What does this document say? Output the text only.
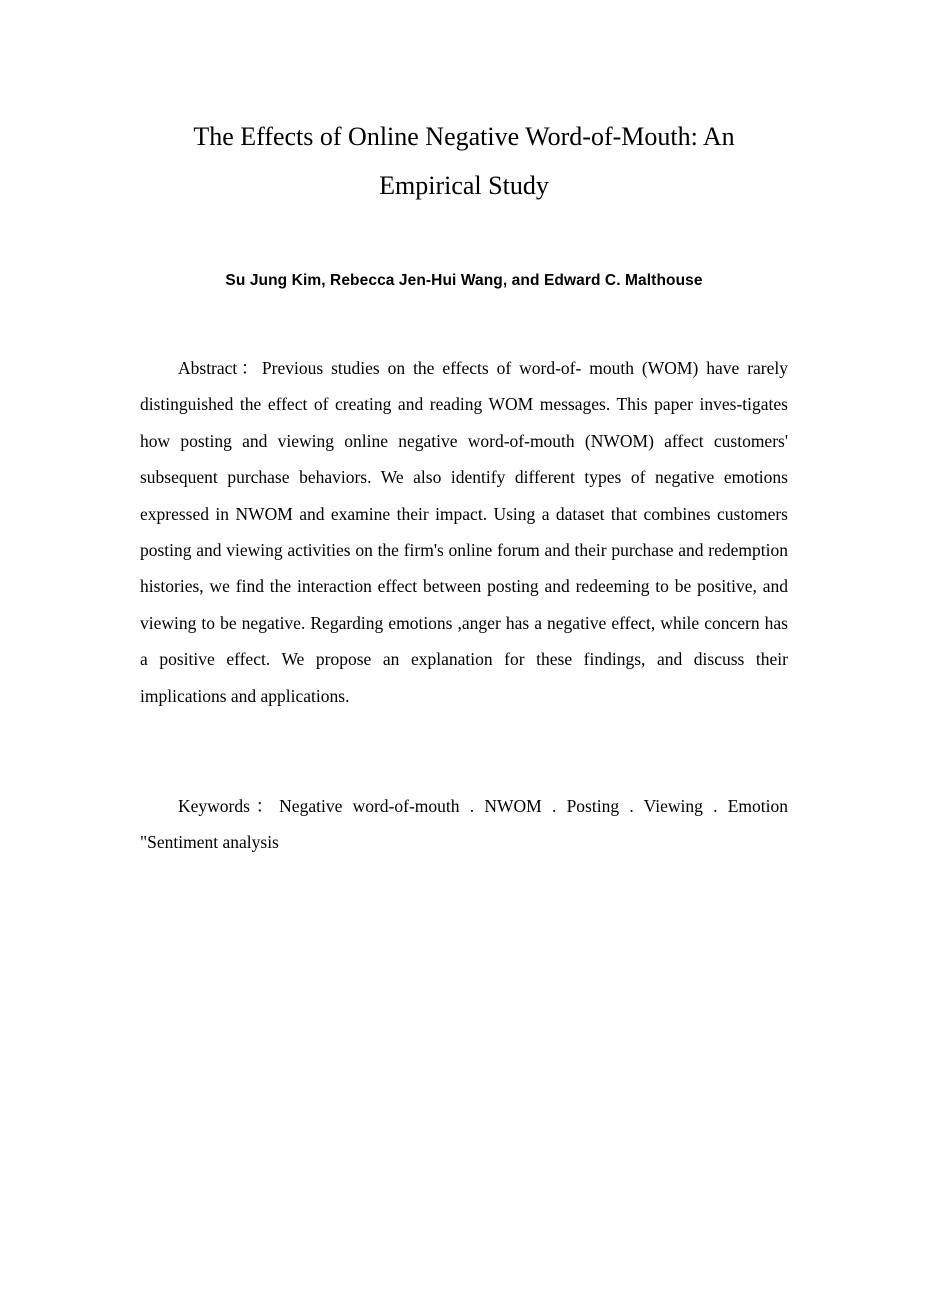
The Effects of Online Negative Word-of-Mouth: An Empirical Study
Su Jung Kim, Rebecca Jen-Hui Wang, and Edward C. Malthouse

Abstract：Previous studies on the effects of word-of- mouth (WOM) have rarely distinguished the effect of creating and reading WOM messages. This paper inves-tigates how posting and viewing online negative word-of-mouth (NWOM) affect customers' subsequent purchase behaviors. We also identify different types of negative emotions expressed in NWOM and examine their impact. Using a dataset that combines customers posting and viewing activities on the firm's online forum and their purchase and redemption histories, we find the interaction effect between posting and redeeming to be positive, and viewing to be negative. Regarding emotions ,anger has a negative effect, while concern has a positive effect. We propose an explanation for these findings, and discuss their implications and applications.

Keywords：Negative word-of-mouth . NWOM . Posting . Viewing . Emotion "Sentiment analysis
